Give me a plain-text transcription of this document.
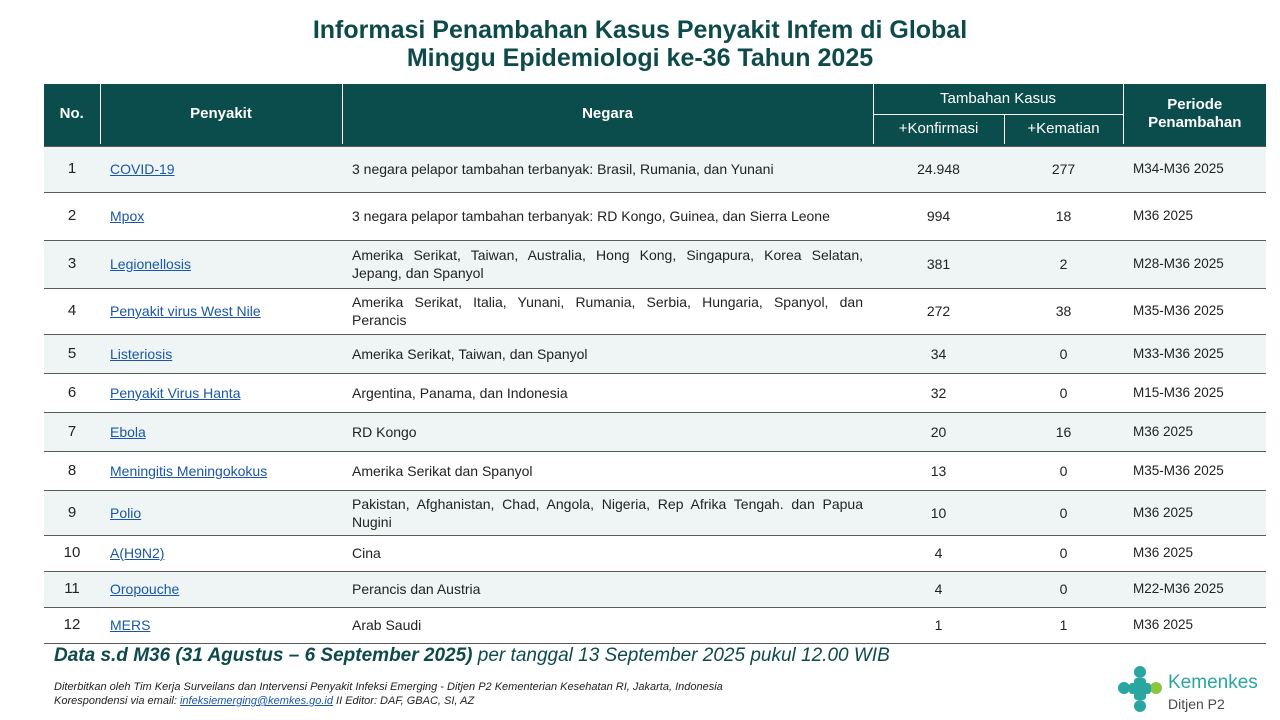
Informasi Penambahan Kasus Penyakit Infem di Global
Minggu Epidemiologi ke-36 Tahun 2025
No.	Penyakit	Negara	Tambahan Kasus		Periode
Penambahan

			+Konfirmasi	+Kematian	

1	COVID-19	3 negara pelapor tambahan terbanyak: Brasil, Rumania, dan Yunani	24.948	277	M34-M36 2025
2	Mpox	3 negara pelapor tambahan terbanyak: RD Kongo, Guinea, dan Sierra Leone	994	18	M36 2025
3	Legionellosis	Amerika Serikat, Taiwan, Australia, Hong Kong, Singapura, Korea Selatan, Jepang, dan Spanyol	381	2	M28-M36 2025
4	Penyakit virus West Nile	Amerika Serikat, Italia, Yunani, Rumania, Serbia, Hungaria, Spanyol, dan Perancis	272	38	M35-M36 2025
5	Listeriosis	Amerika Serikat, Taiwan, dan Spanyol	34	0	M33-M36 2025
6	Penyakit Virus Hanta	Argentina, Panama, dan Indonesia	32	0	M15-M36 2025
7	Ebola	RD Kongo	20	16	M36 2025
8	Meningitis Meningokokus	Amerika Serikat dan Spanyol	13	0	M35-M36 2025
9	Polio	Pakistan, Afghanistan, Chad, Angola, Nigeria, Rep Afrika Tengah. dan Papua Nugini	10	0	M36 2025
10	A(H9N2)	Cina	4	0	M36 2025
11	Oropouche	Perancis dan Austria	4	0	M22-M36 2025
12	MERS	Arab Saudi	1	1	M36 2025
Data s.d M36 (31 Agustus – 6 September 2025) per tanggal 13 September 2025 pukul 12.00 WIB
Diterbitkan oleh Tim Kerja Surveilans dan Intervensi Penyakit Infeksi Emerging - Ditjen P2 Kementerian Kesehatan RI, Jakarta, Indonesia
Korespondensi via email: infeksiemerging@kemkes.go.id II Editor: DAF, GBAC, SI, AZ
Kemenkes
Ditjen P2
